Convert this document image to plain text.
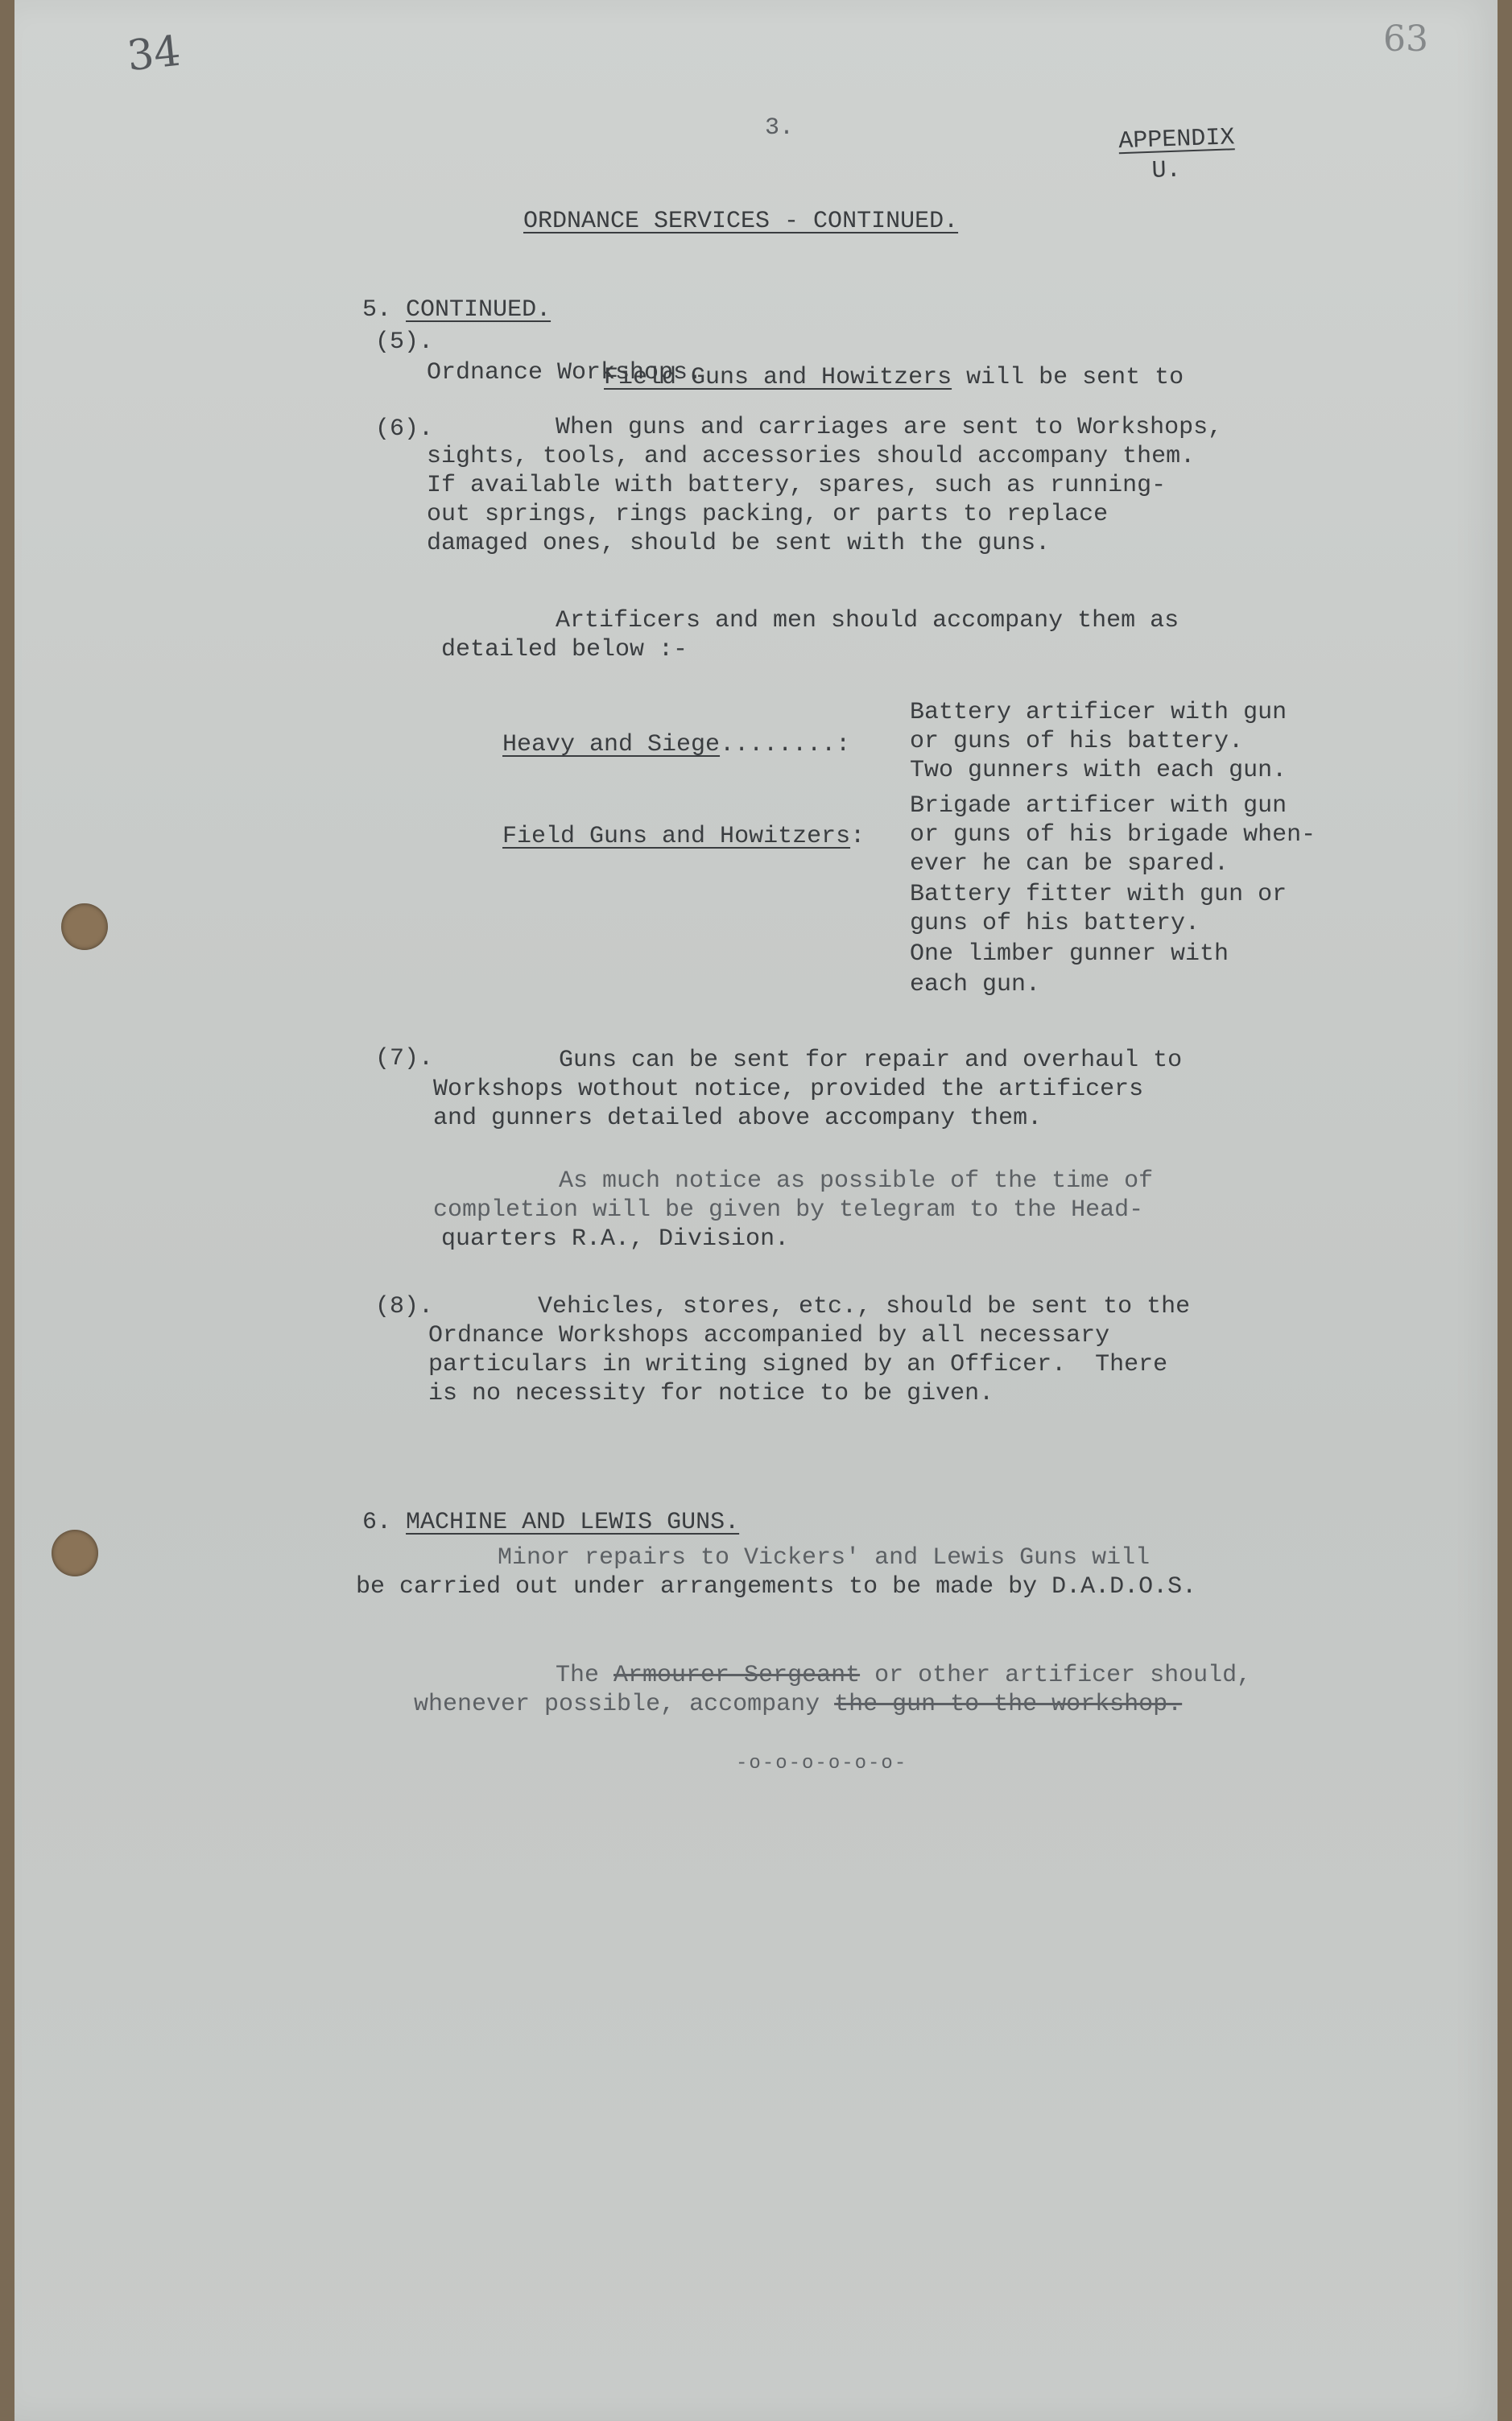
34	63
3.	APPENDIX
U.

ORDNANCE SERVICES - CONTINUED.

5. CONTINUED.

(5).

Field Guns and Howitzers will be sent to

Ordnance Workshops.
(6).	When guns and carriages are sent to Workshops,
sights, tools, and accessories should accompany them.
If available with battery, spares, such as running-
out springs, rings packing, or parts to replace
damaged ones, should be sent with the guns.
Artificers and men should accompany them as
detailed below :-

Heavy and Siege........:

Battery artificer with gun
or guns of his battery.
Two gunners with each gun.

Field Guns and Howitzers:

Brigade artificer with gun
or guns of his brigade when-
ever he can be spared.
Battery fitter with gun or
guns of his battery.
One limber gunner with
each gun.
(7).	Guns can be sent for repair and overhaul to
Workshops wothout notice, provided the artificers
and gunners detailed above accompany them.
As much notice as possible of the time of
completion will be given by telegram to the Head-
quarters R.A., Division.
(8).	Vehicles, stores, etc., should be sent to the
Ordnance Workshops accompanied by all necessary
particulars in writing signed by an Officer.  There
is no necessity for notice to be given.

6. MACHINE AND LEWIS GUNS.

Minor repairs to Vickers' and Lewis Guns will
be carried out under arrangements to be made by D.A.D.O.S.

The Armourer Sergeant or other artificer should,

whenever possible, accompany the gun to the workshop.

-o-o-o-o-o-o-
